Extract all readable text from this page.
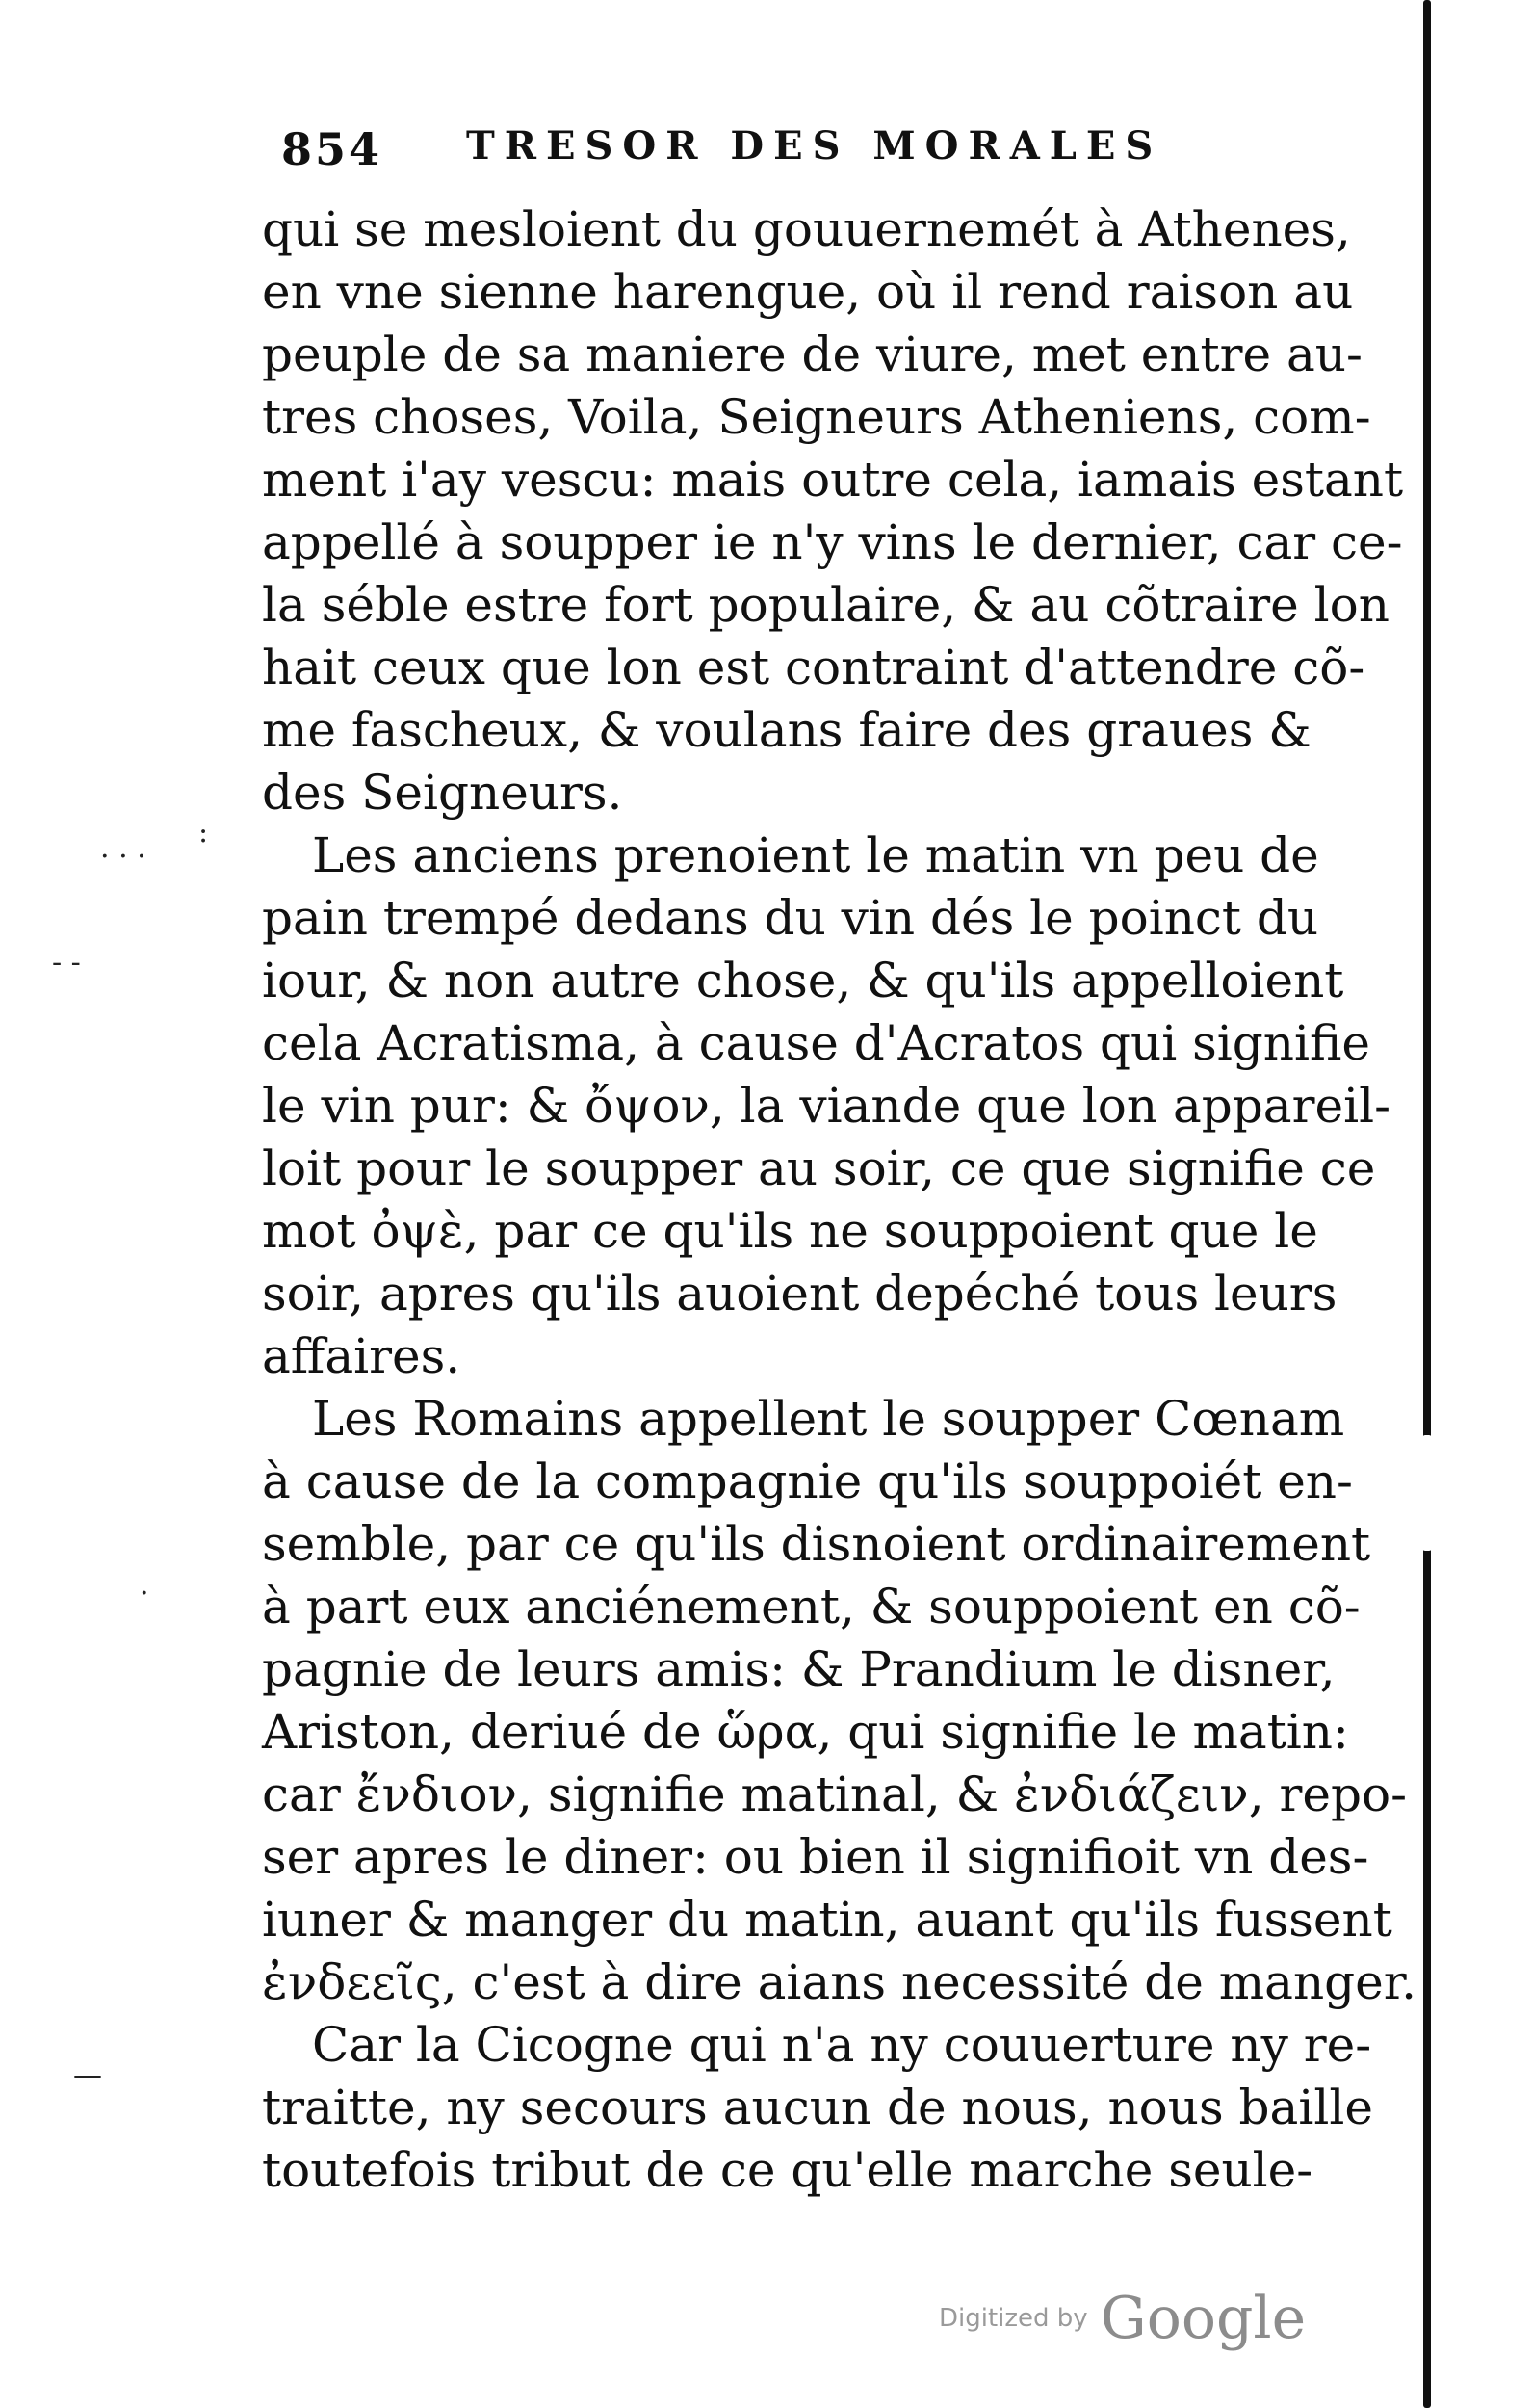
854 TRESOR DES MORALES
qui se mesloient du gouuernemét à Athenes,
en vne sienne harengue, où il rend raison au
peuple de sa maniere de viure, met entre au-
tres choses, Voila, Seigneurs Atheniens, com-
ment i'ay vescu: mais outre cela, iamais estant
appellé à soupper ie n'y vins le dernier, car ce-
la séble estre fort populaire, & au cõtraire lon
hait ceux que lon est contraint d'attendre cõ-
me fascheux, & voulans faire des graues &
des Seigneurs.
Les anciens prenoient le matin vn peu de
pain trempé dedans du vin dés le poinct du
iour, & non autre chose, & qu'ils appelloient
cela Acratisma, à cause d'Acratos qui signifie
le vin pur: & ὄψον, la viande que lon appareil-
loit pour le soupper au soir, ce que signifie ce
mot ὀψὲ, par ce qu'ils ne souppoient que le
soir, apres qu'ils auoient depéché tous leurs
affaires.
Les Romains appellent le soupper Cœnam
à cause de la compagnie qu'ils souppoiét en-
semble, par ce qu'ils disnoient ordinairement
à part eux anciénement, & souppoient en cõ-
pagnie de leurs amis: & Prandium le disner,
Ariston, deriué de ὥρα, qui signifie le matin:
car ἔνδιον, signifie matinal, & ἐνδιάζειν, repo-
ser apres le diner: ou bien il signifioit vn des-
iuner & manger du matin, auant qu'ils fussent
ἐνδεεῖς, c'est à dire aians necessité de manger.
Car la Cicogne qui n'a ny couuerture ny re-
traitte, ny secours aucun de nous, nous baille
toutefois tribut de ce qu'elle marche seule-
. . . :
- -
·
—
Digitized by Google
